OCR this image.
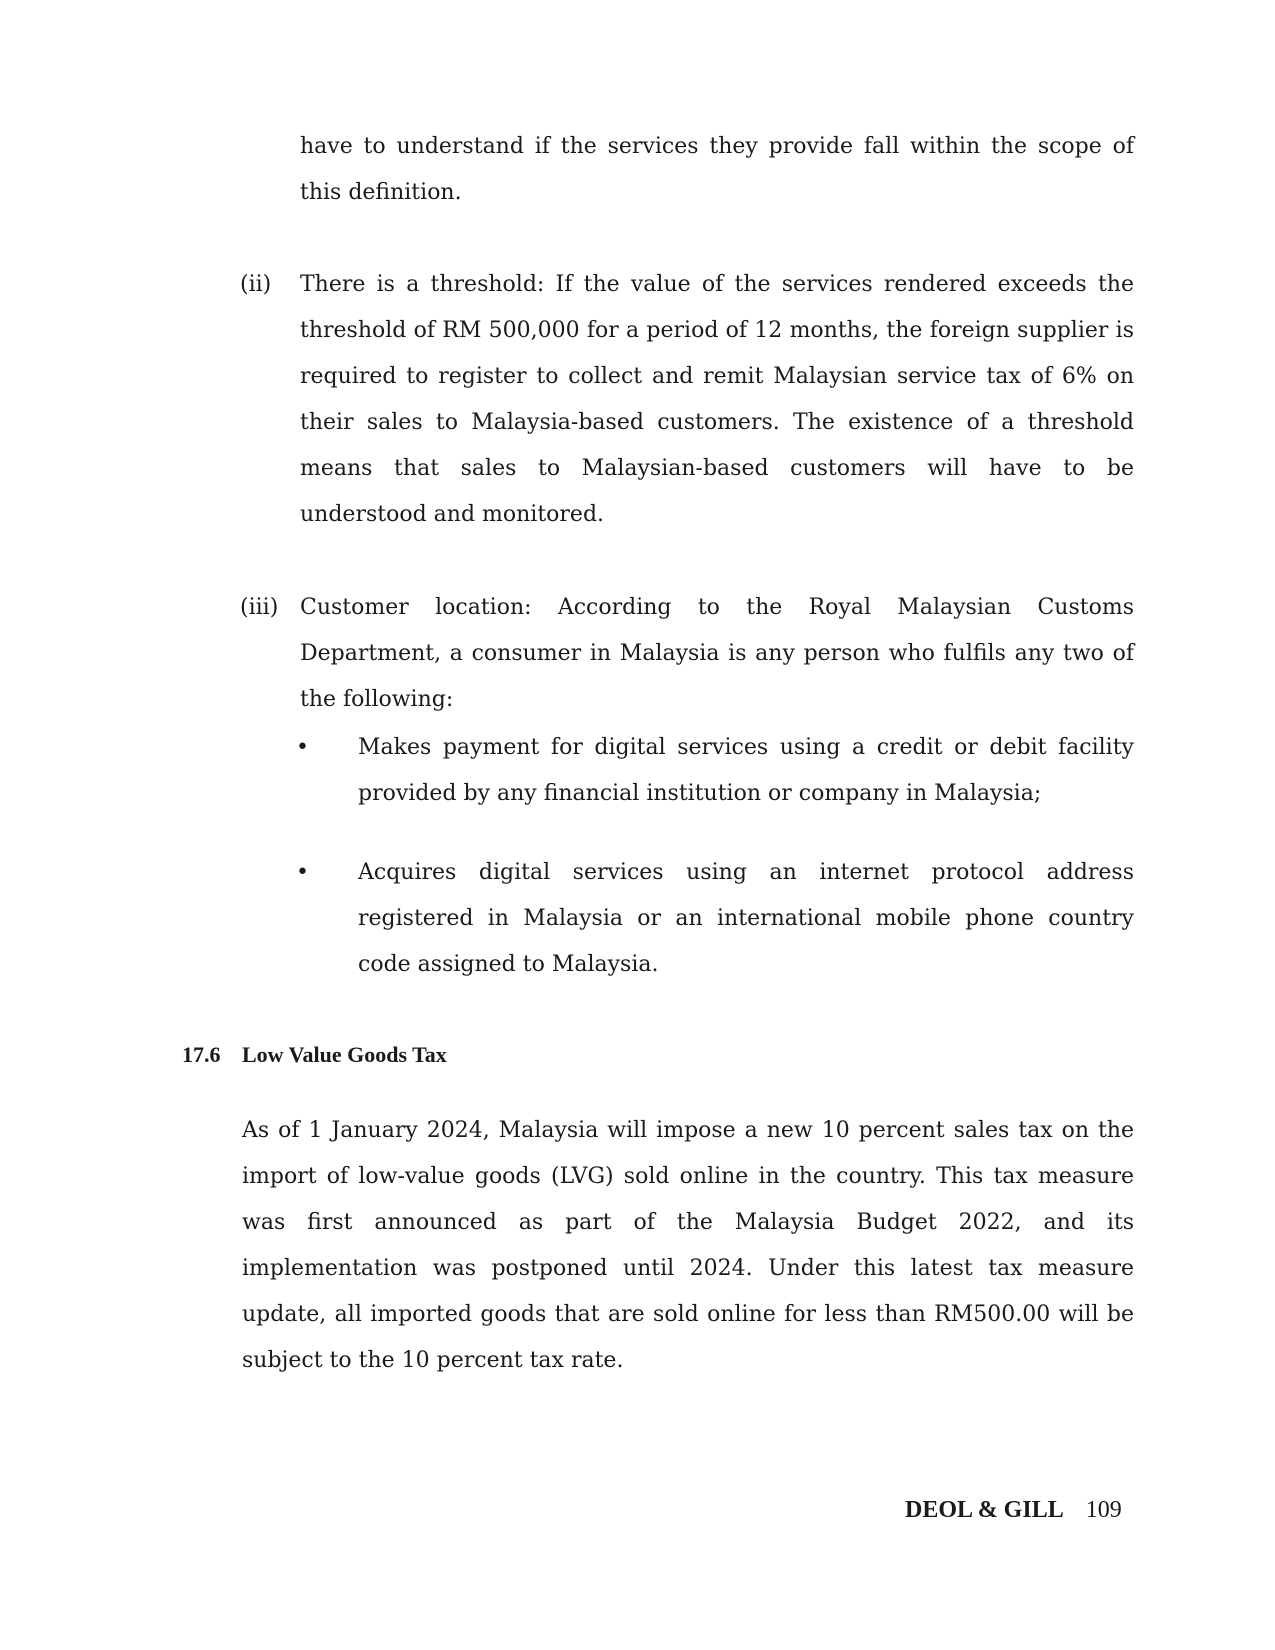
have to understand if the services they provide fall within the scope of this definition.

(ii) There is a threshold: If the value of the services rendered exceeds the threshold of RM 500,000 for a period of 12 months, the foreign supplier is required to register to collect and remit Malaysian service tax of 6% on their sales to Malaysia-based customers. The existence of a threshold means that sales to Malaysian-based customers will have to be understood and monitored.

(iii) Customer location: According to the Royal Malaysian Customs Department, a consumer in Malaysia is any person who fulfils any two of the following:

• Makes payment for digital services using a credit or debit facility provided by any financial institution or company in Malaysia;

• Acquires digital services using an internet protocol address registered in Malaysia or an international mobile phone country code assigned to Malaysia.

17.6 Low Value Goods Tax

As of 1 January 2024, Malaysia will impose a new 10 percent sales tax on the import of low-value goods (LVG) sold online in the country. This tax measure was first announced as part of the Malaysia Budget 2022, and its implementation was postponed until 2024. Under this latest tax measure update, all imported goods that are sold online for less than RM500.00 will be subject to the 10 percent tax rate.

DEOL & GILL 109
